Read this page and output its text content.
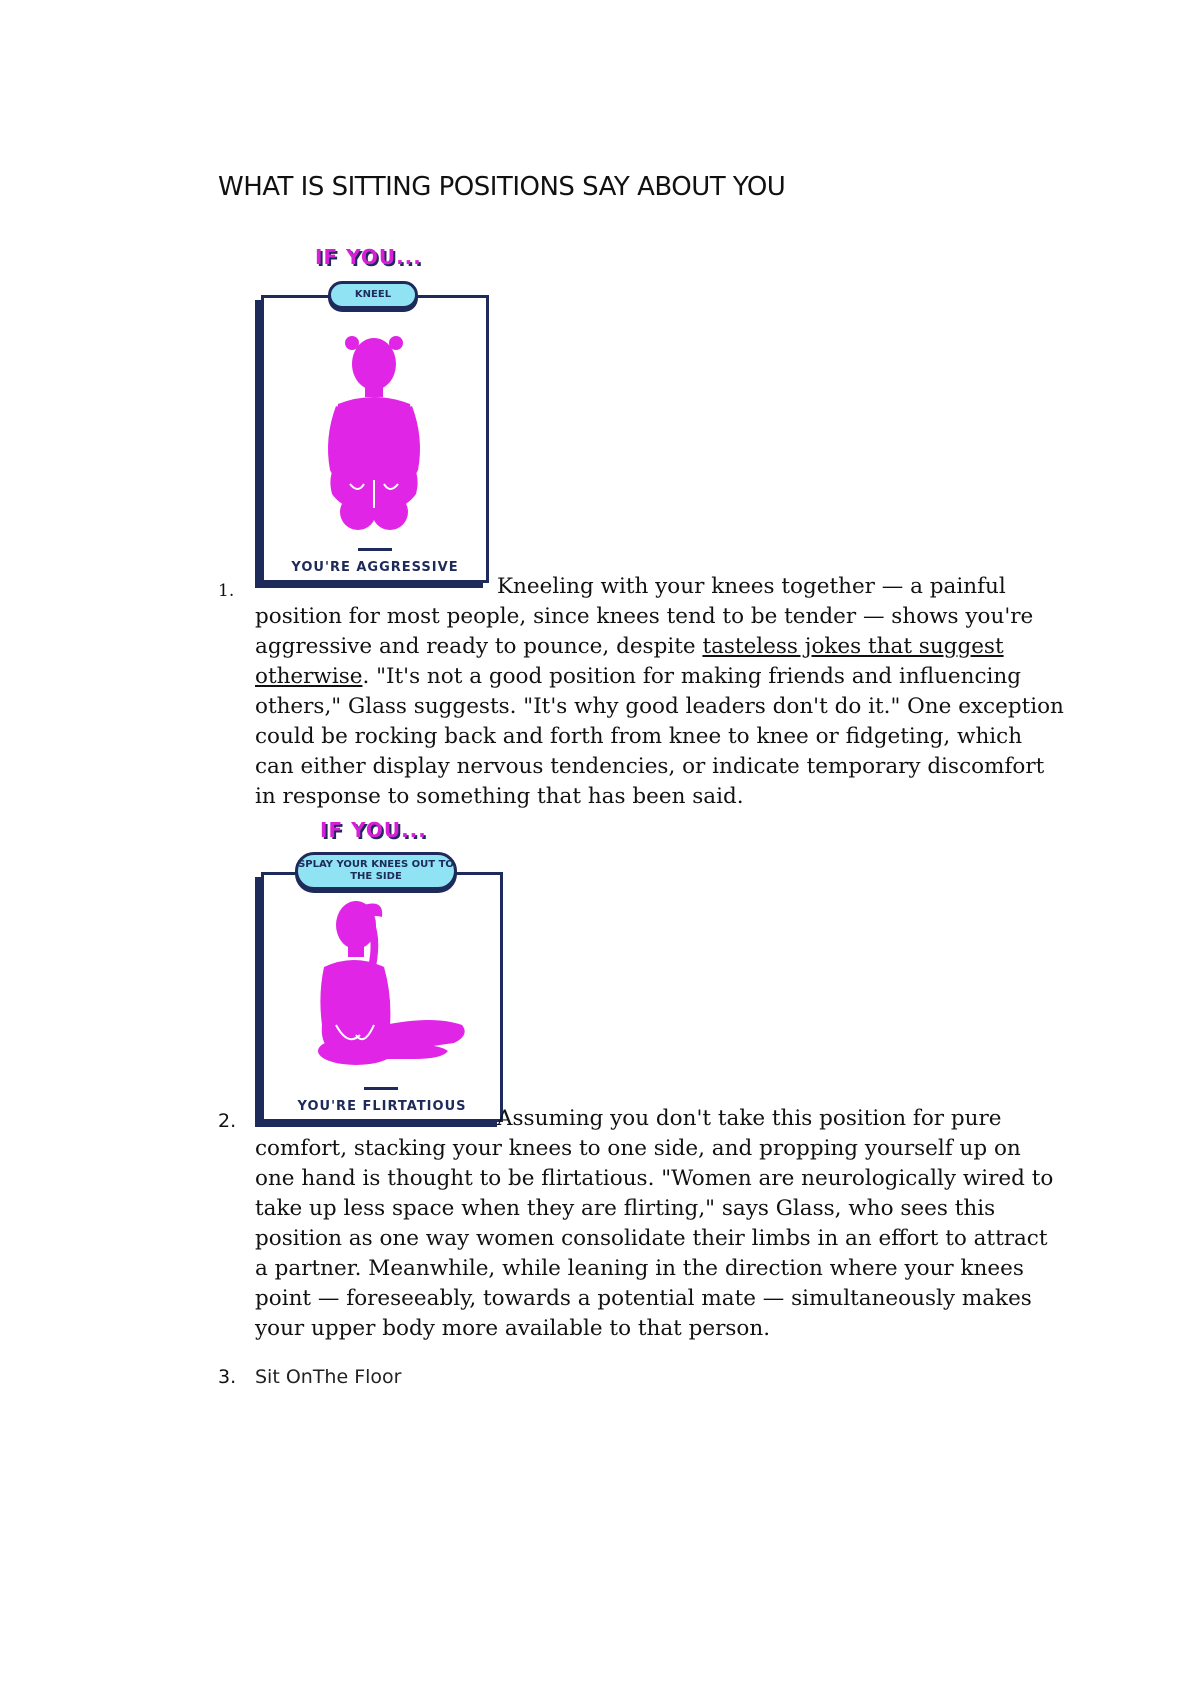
WHAT IS SITTING POSITIONS SAY ABOUT YOU
1.
IF YOU...
YOU'RE AGGRESSIVE
KNEEL
Kneeling with your knees together — a painful position for most people, since knees tend to be tender — shows you're aggressive and ready to pounce, despite tasteless jokes that suggest otherwise. "It's not a good position for making friends and influencing others," Glass suggests. "It's why good leaders don't do it." One exception could be rocking back and forth from knee to knee or fidgeting, which can either display nervous tendencies, or indicate temporary discomfort in response to something that has been said.
2.
IF YOU...
YOU'RE FLIRTATIOUS
SPLAY YOUR KNEES OUT TO THE SIDE
Assuming you don't take this position for pure comfort, stacking your knees to one side, and propping yourself up on one hand is thought to be flirtatious. "Women are neurologically wired to take up less space when they are flirting," says Glass, who sees this position as one way women consolidate their limbs in an effort to attract a partner. Meanwhile, while leaning in the direction where your knees point — foreseeably, towards a potential mate — simultaneously makes your upper body more available to that person.
3. Sit OnThe Floor
